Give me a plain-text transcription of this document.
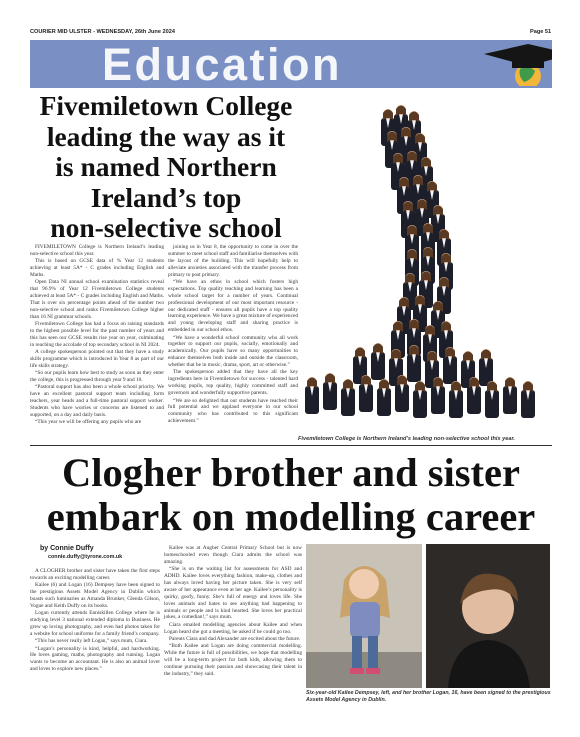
COURIER MID ULSTER - WEDNESDAY, 26th June 2024	Page 51
Education
Fivemiletown College
leading the way as it
is named Northern
Ireland’s top
non-selective school

FIVEMILETOWN College is Northern Ireland’s leading non-selective school this year.

This is based on GCSE data of % Year 12 students achieving at least 5A* - C grades including English and Maths.

Open Data NI annual school examination statistics reveal that 96.9% of Year 12 Fivemiletown College students achieved at least 5A* - C grades including English and Maths. That is over six percentage points ahead of the number two non-selective school and ranks Fivemiletown College higher than 16 NI grammar schools.

Fivemiletown College has had a focus on raising standards to the highest possible level for the past number of years and this has seen our GCSE results rise year on year, culminating in reaching the accolade of top secondary school in NI 2024.

A college spokesperson pointed out that they have a study skills programme which is introduced in Year 8 as part of our life skills strategy.

“So our pupils learn how best to study as soon as they enter the college, this is progressed through year 9 and 10.

“Pastoral support has also been a whole school priority. We have an excellent pastoral support team including form teachers, year heads and a full-time pastoral support worker. Students who have worries or concerns are listened to and supported, on a day and daily basis.

“This year we will be offering any pupils who are

joining us in Year 8, the opportunity to come in over the summer to meet school staff and familiarise themselves with the layout of the building. This will hopefully help to alleviate anxieties associated with the transfer process from primary to post primary.

“We have an ethos in school which fosters high expectations. Top quality teaching and learning has been a whole school target for a number of years. Continual professional development of our most important resource - our dedicated staff - ensures all pupils have a top quality learning experience. We have a great mixture of experienced and young developing staff and sharing practice is embedded in our school ethos.

“We have a wonderful school community who all work together to support our pupils, socially, emotionally and academically. Our pupils have so many opportunities to enhance themselves both inside and outside the classroom, whether that be in music, drama, sport, art or otherwise.”

The spokesperson added that they have all the key ingredients here in Fivemiletown for success - talented hard working pupils, top quality, highly committed staff and governors and wonderfully supportive parents.

“We are so delighted that our students have reached their full potential and we applaud everyone in our school community who has contributed to this significant achievement.”

Fivemiletown College is Northern Ireland’s leading non-selective school this year.
Clogher brother and sister
embark on modelling career
by Connie Duffy
connie.duffy@tyrone.com.uk

A CLOGHER brother and sister have taken the first steps towards an exciting modelling career.

Kailee (6) and Logan (16) Dempsey have been signed to the prestigious Assets Model Agency in Dublin which boasts such luminaries as Amanda Brunker, Glenda Gilson, Vogue and Keith Duffy on its books.

Logan currently attends Enniskillen College where he is studying level 3 national extended diploma in Business. He grew up loving photography, and even had photos taken for a website for school uniforms for a family friend’s company.

“This has never really left Logan,” says mum, Ciara.

“Logan’s personality is kind, helpful, and hardworking. He loves gaming, maths, photography and running. Logan wants to become an accountant. He is also an animal lover and loves to explore new places.”

Kailee was at Augher Central Primary School but is now homeschooled even though Ciara admits the school was amazing.

“She is on the waiting list for assessments for ASD and ADHD. Kailee loves everything fashion, make-up, clothes and has always loved having her picture taken. She is very self aware of her appearance even at her age. Kailee’s personality is quirky, goofy, funny. She’s full of energy and loves life. She loves animals and hates to see anything bad happening to animals or people and is kind hearted. She loves her practical jokes, a comedian!,” says mum.

Ciara emailed modelling agencies about Kailee and when Logan heard she got a meeting, he asked if he could go too.

Parents Ciara and dad Alexander are excited about the future.

“Both Kailee and Logan are doing commercial modelling. While the future is full of possibilities, we hope that modelling will be a long-term project for both kids, allowing them to continue pursuing their passion and showcasing their talent in the industry,” they said.

Six-year-old Kailee Dempsey, left, and her brother Logan, 16, have been signed to the prestigious Assets Model Agency in Dublin.
